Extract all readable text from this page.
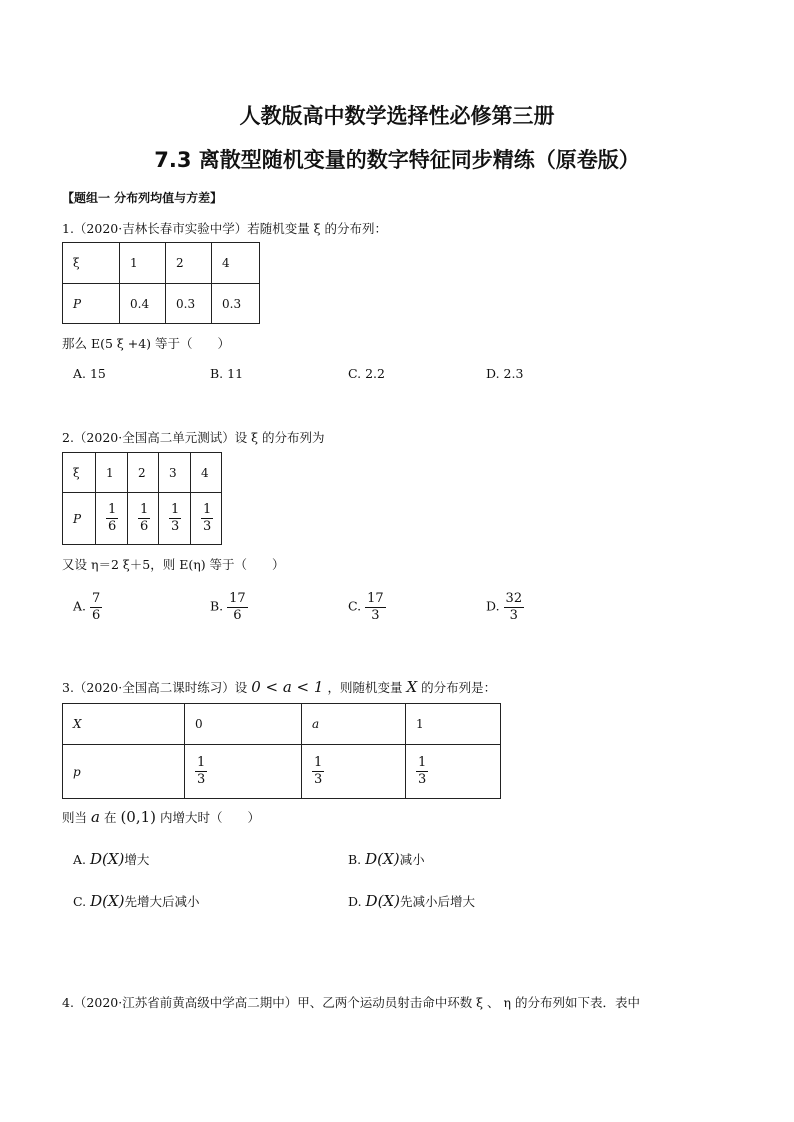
人教版高中数学选择性必修第三册
7.3 离散型随机变量的数字特征同步精练（原卷版）
【题组一 分布列均值与方差】
1.（2020·吉林长春市实验中学）若随机变量 ξ 的分布列：
ξ	1	2	4
P	0.4	0.3	0.3
那么 E(5 ξ +4) 等于（　　）
A. 15	B. 11	C. 2.2	D. 2.3
2.（2020·全国高二单元测试）设 ξ 的分布列为
ξ	1	2	3	4
P	$\frac{1}{6}$	$\frac{1}{6}$	$\frac{1}{3}$	$\frac{1}{3}$
又设 η＝2 ξ＋5，则 E(η) 等于（　　）
A. $\frac{7}{6}$	B. $\frac{17}{6}$	C. $\frac{17}{3}$	D. $\frac{32}{3}$
3.（2020·全国高二课时练习）设 0 < a < 1 ，则随机变量 X 的分布列是：
X	0	a	1
p	$\frac{1}{3}$	$\frac{1}{3}$	$\frac{1}{3}$
则当 a 在 (0,1) 内增大时（　　）
A. D(X)增大	B. D(X)减小
C. D(X)先增大后减小	D. D(X)先减小后增大
4.（2020·江苏省前黄高级中学高二期中）甲、乙两个运动员射击命中环数 ξ 、 η 的分布列如下表．表中
